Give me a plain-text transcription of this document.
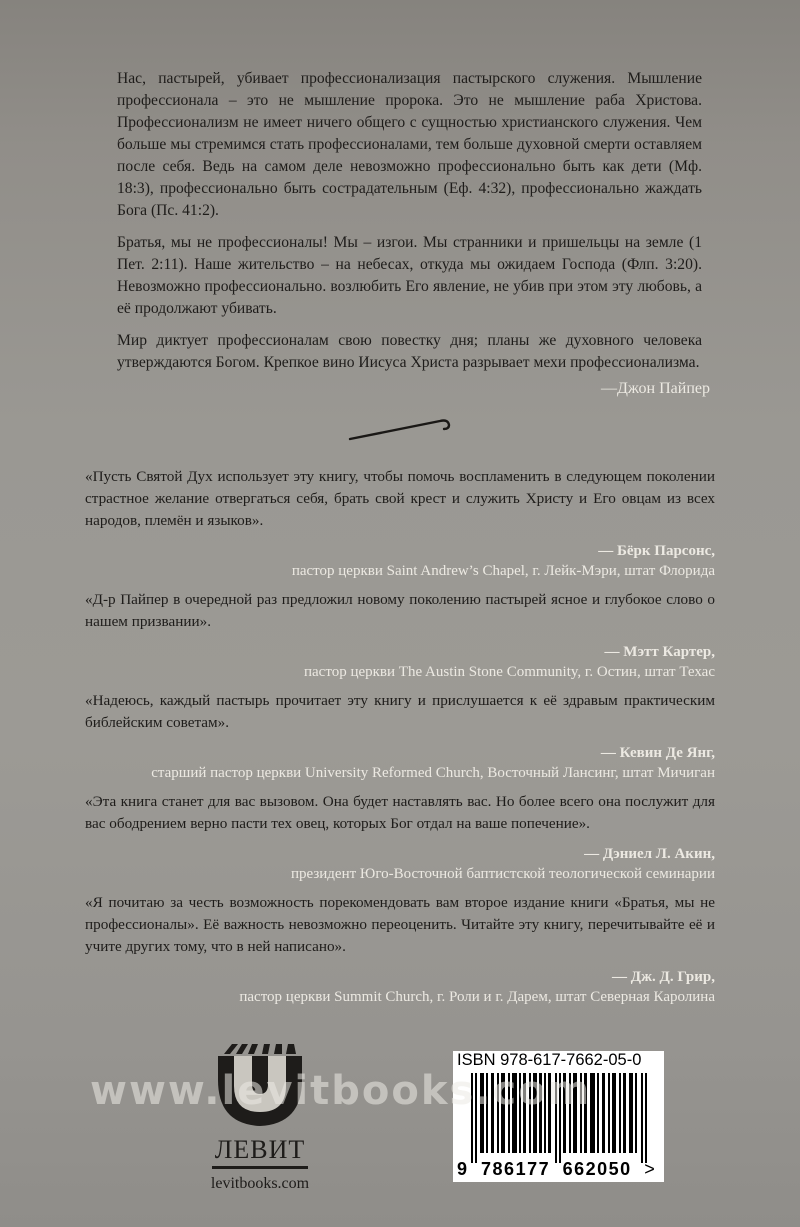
Нас, пастырей, убивает профессионализация пастырского служения. Мышление профессионала – это не мышление пророка. Это не мышление раба Христова. Профессионализм не имеет ничего общего с сущностью христианского служения. Чем больше мы стремимся стать профессионалами, тем больше духовной смерти оставляем после себя. Ведь на самом деле невозможно профессионально быть как дети (Мф. 18:3), профессионально быть сострадательным (Еф. 4:32), профессионально жаждать Бога (Пс. 41:2).

Братья, мы не профессионалы! Мы – изгои. Мы странники и пришельцы на земле (1 Пет. 2:11). Наше жительство – на небесах, откуда мы ожидаем Господа (Флп. 3:20). Невозможно профессионально. возлюбить Его явление, не убив при этом эту любовь, а её продолжают убивать.

Мир диктует профессионалам свою повестку дня; планы же духовного человека утверждаются Богом. Крепкое вино Иисуса Христа разрывает мехи профессионализма.

—Джон Пайпер

«Пусть Святой Дух использует эту книгу, чтобы помочь воспламенить в следующем поколении страстное желание отвергаться себя, брать свой крест и служить Христу и Его овцам из всех народов, племён и языков».

— Бёрк Парсонс,
пастор церкви Saint Andrew’s Chapel, г. Лейк-Мэри, штат Флорида

«Д-р Пайпер в очередной раз предложил новому поколению пастырей ясное и глубокое слово о нашем призвании».

— Мэтт Картер,
пастор церкви The Austin Stone Community, г. Остин, штат Техас

«Надеюсь, каждый пастырь прочитает эту книгу и прислушается к её здравым практическим библейским советам».

— Кевин Де Янг,
старший пастор церкви University Reformed Church, Восточный Лансинг, штат Мичиган

«Эта книга станет для вас вызовом. Она будет наставлять вас. Но более всего она послужит для вас ободрением верно пасти тех овец, которых Бог отдал на ваше попечение».

— Дэниел Л. Акин,
президент Юго-Восточной баптистской теологической семинарии

«Я почитаю за честь возможность порекомендовать вам второе издание книги «Братья, мы не профессионалы». Её важность невозможно переоценить. Читайте эту книгу, перечитывайте её и учите других тому, что в ней написано».

— Дж. Д. Грир,
пастор церкви Summit Church, г. Роли и г. Дарем, штат Северная Каролина
ЛЕВИТ
levitbooks.com
www.levitbooks.com
ISBN 978-617-7662-05-0
9 786177 662050 >
